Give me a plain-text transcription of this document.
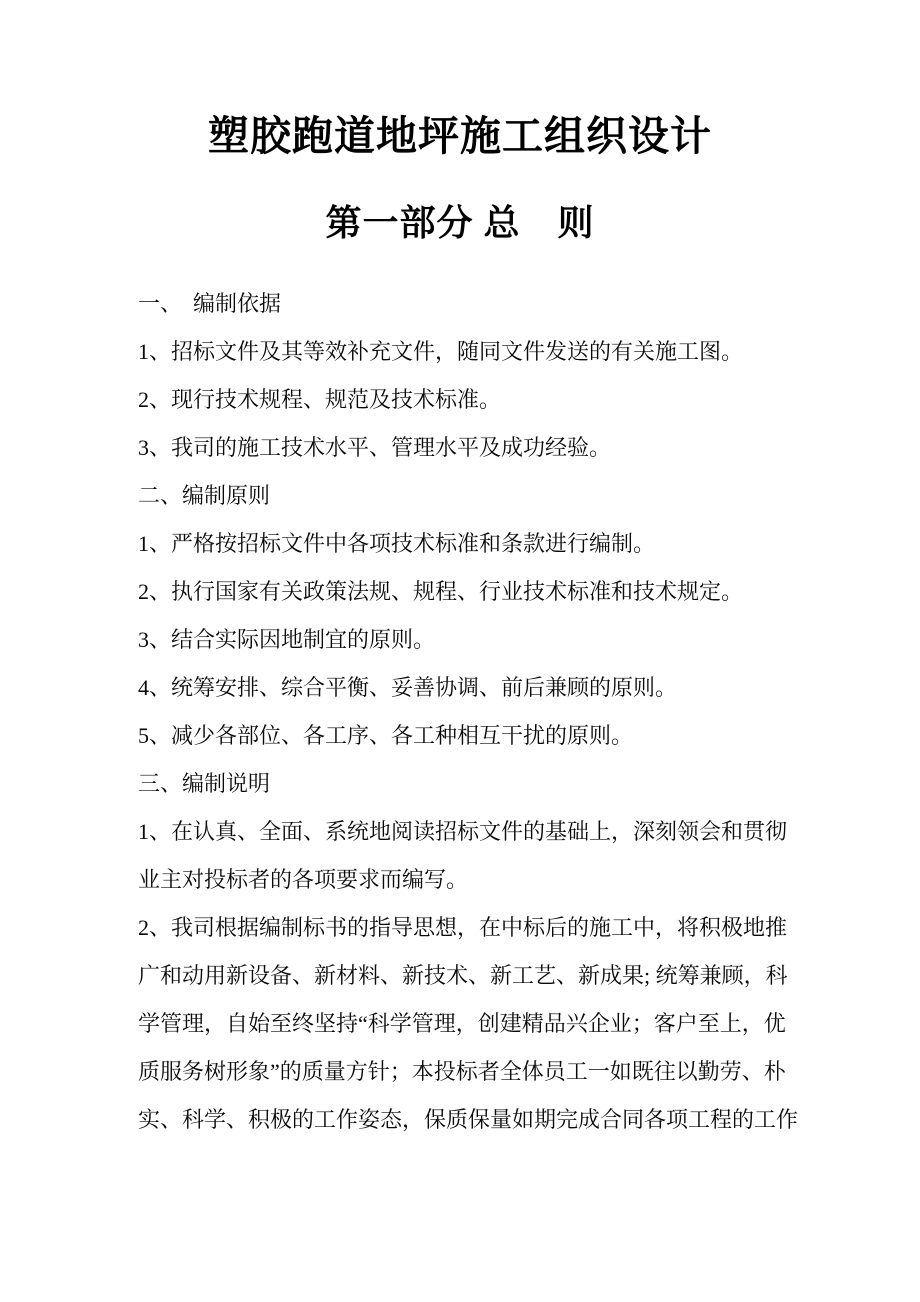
塑胶跑道地坪施工组织设计
第一部分 总　则
一、　编制依据
1、招标文件及其等效补充文件，随同文件发送的有关施工图。
2、现行技术规程、规范及技术标准。
3、我司的施工技术水平、管理水平及成功经验。
二、编制原则
1、严格按招标文件中各项技术标准和条款进行编制。
2、执行国家有关政策法规、规程、行业技术标准和技术规定。
3、结合实际因地制宜的原则。
4、统筹安排、综合平衡、妥善协调、前后兼顾的原则。
5、减少各部位、各工序、各工种相互干扰的原则。
三、编制说明
1、在认真、全面、系统地阅读招标文件的基础上，深刻领会和贯彻
业主对投标者的各项要求而编写。
2、我司根据编制标书的指导思想，在中标后的施工中，将积极地推
广和动用新设备、新材料、新技术、新工艺、新成果; 统筹兼顾，科
学管理，自始至终坚持“科学管理，创建精品兴企业；客户至上，优
质服务树形象”的质量方针；本投标者全体员工一如既往以勤劳、朴
实、科学、积极的工作姿态，保质保量如期完成合同各项工程的工作
